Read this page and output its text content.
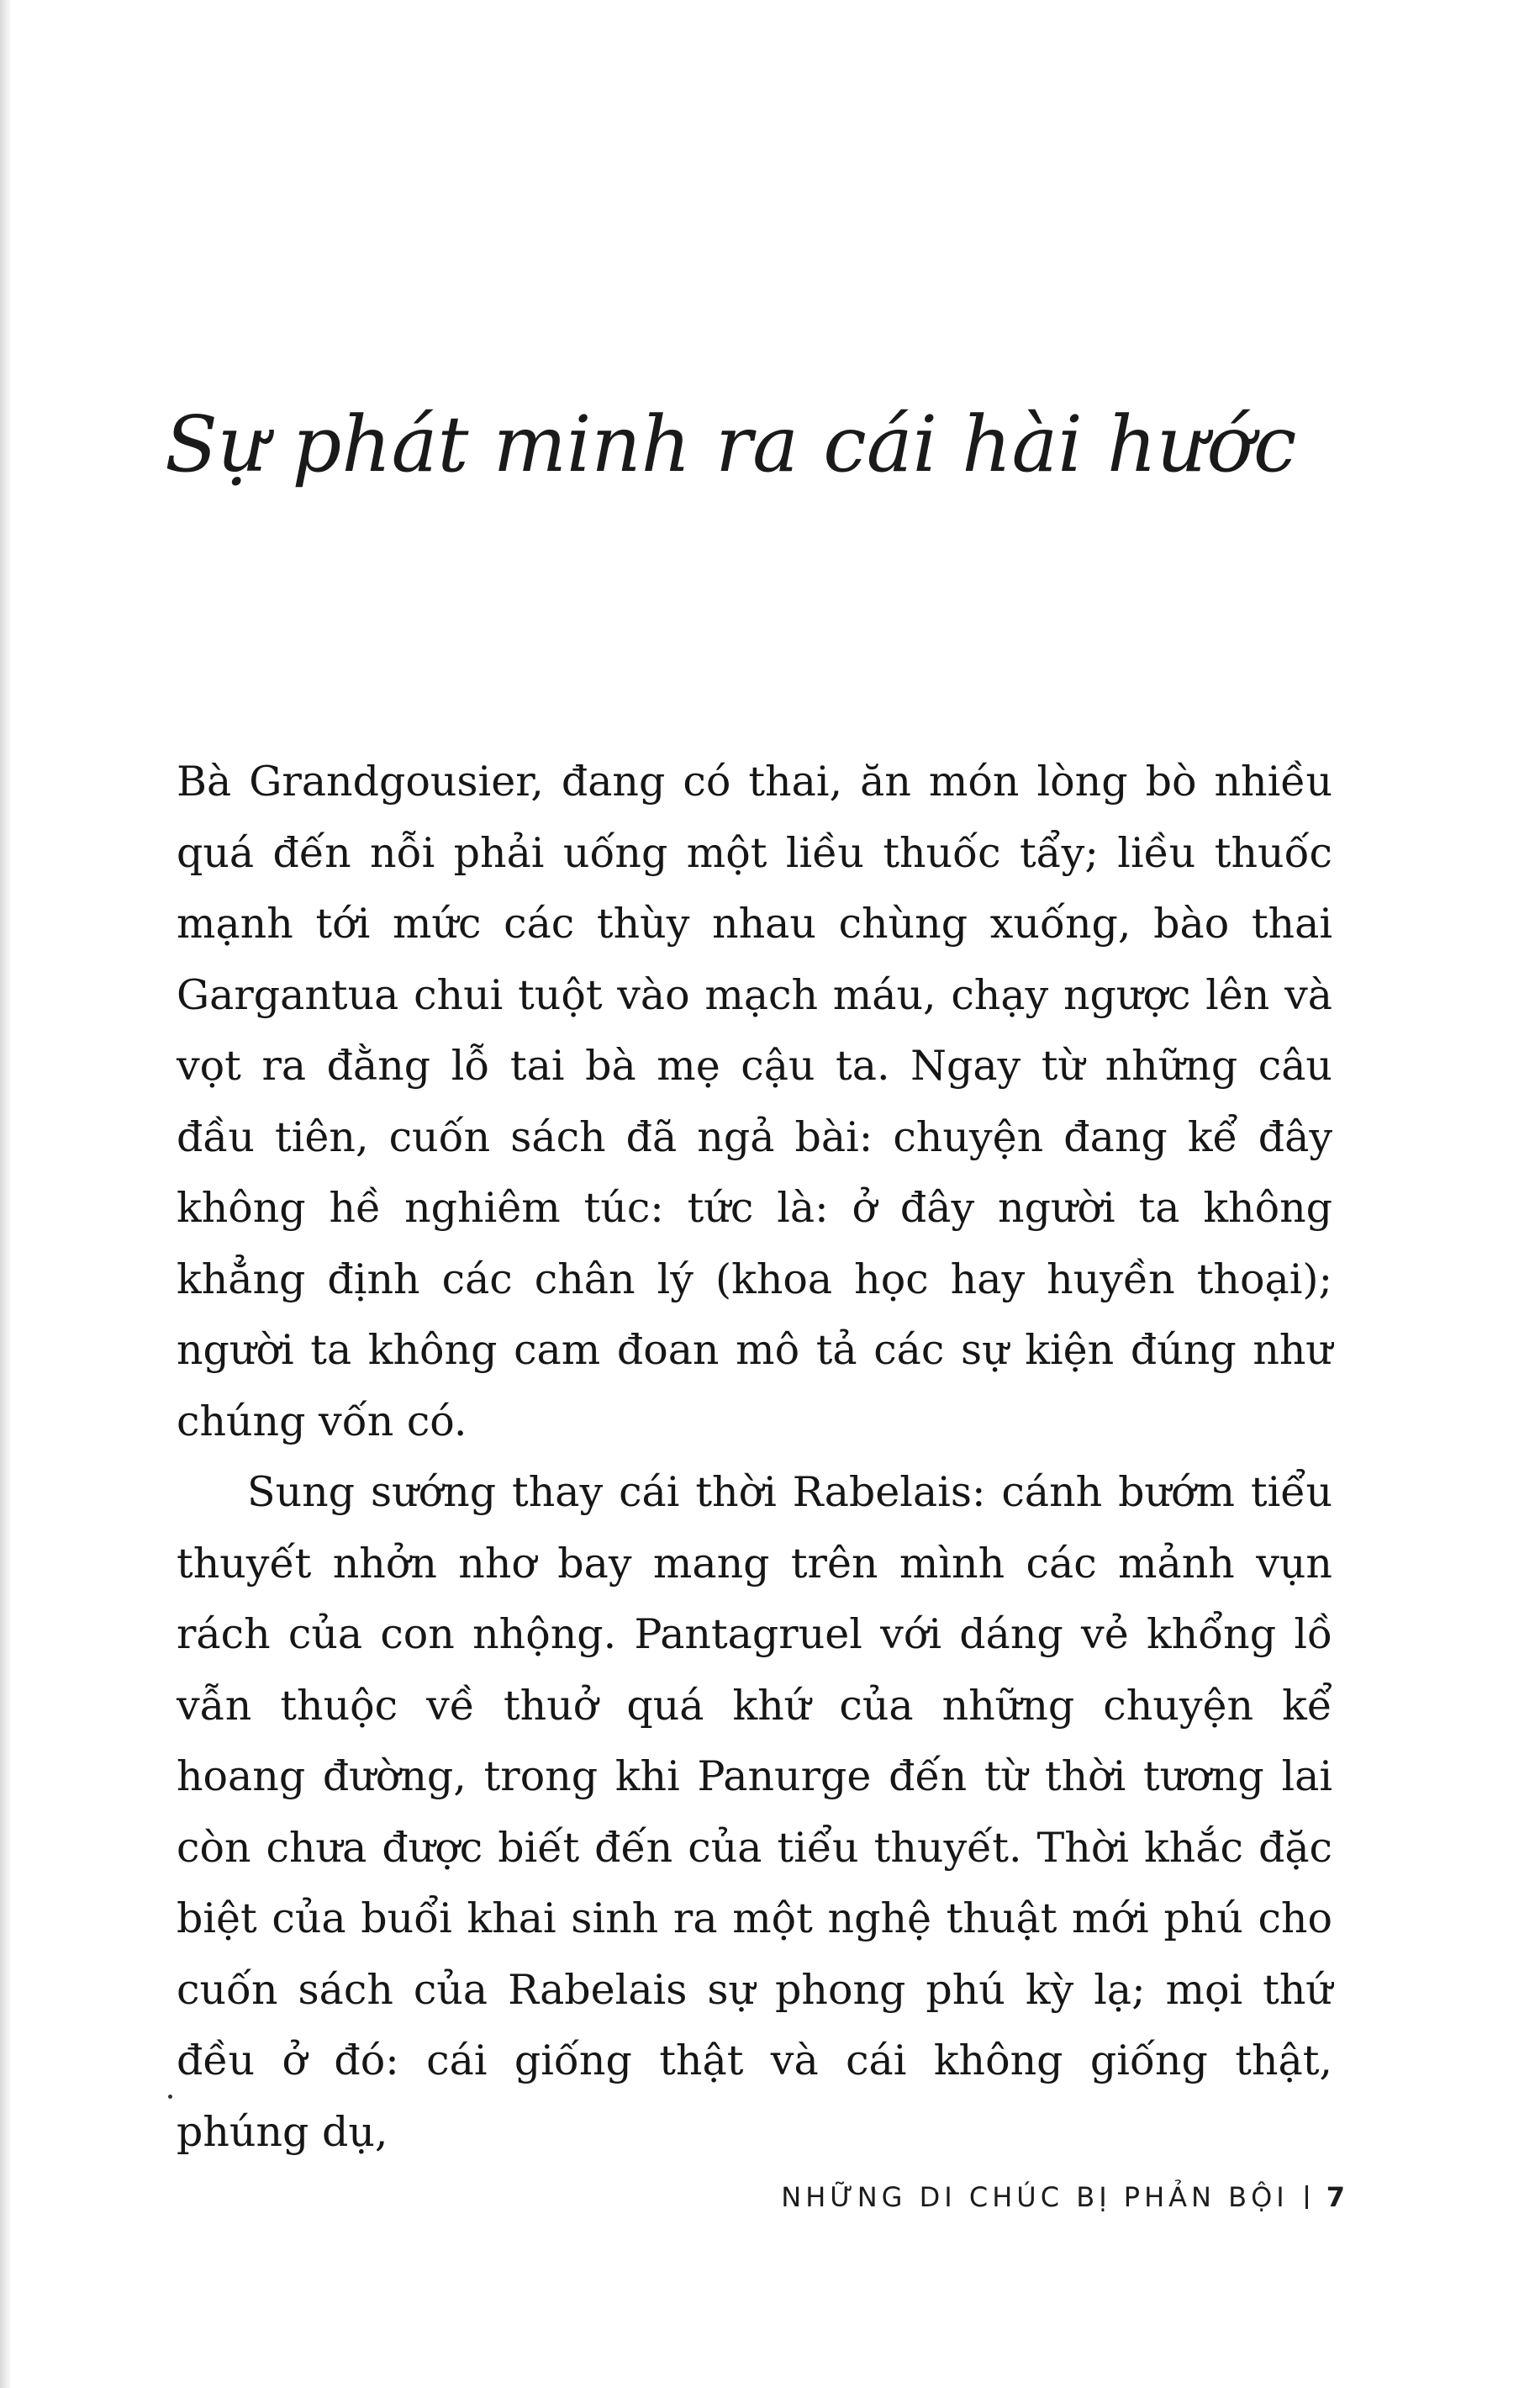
Sự phát minh ra cái hài hước

Bà Grandgousier, đang có thai, ăn món lòng bò nhiều quá đến nỗi phải uống một liều thuốc tẩy; liều thuốc mạnh tới mức các thùy nhau chùng xuống, bào thai Gargantua chui tuột vào mạch máu, chạy ngược lên và vọt ra đằng lỗ tai bà mẹ cậu ta. Ngay từ những câu đầu tiên, cuốn sách đã ngả bài: chuyện đang kể đây không hề nghiêm túc: tức là: ở đây người ta không khẳng định các chân lý (khoa học hay huyền thoại); người ta không cam đoan mô tả các sự kiện đúng như chúng vốn có.

Sung sướng thay cái thời Rabelais: cánh bướm tiểu thuyết nhởn nhơ bay mang trên mình các mảnh vụn rách của con nhộng. Pantagruel với dáng vẻ khổng lồ vẫn thuộc về thuở quá khứ của những chuyện kể hoang đường, trong khi Panurge đến từ thời tương lai còn chưa được biết đến của tiểu thuyết. Thời khắc đặc biệt của buổi khai sinh ra một nghệ thuật mới phú cho cuốn sách của Rabelais sự phong phú kỳ lạ; mọi thứ đều ở đó: cái giống thật và cái không giống thật, phúng dụ,

NHỮNG DI CHÚC BỊ PHẢN BỘI 7
